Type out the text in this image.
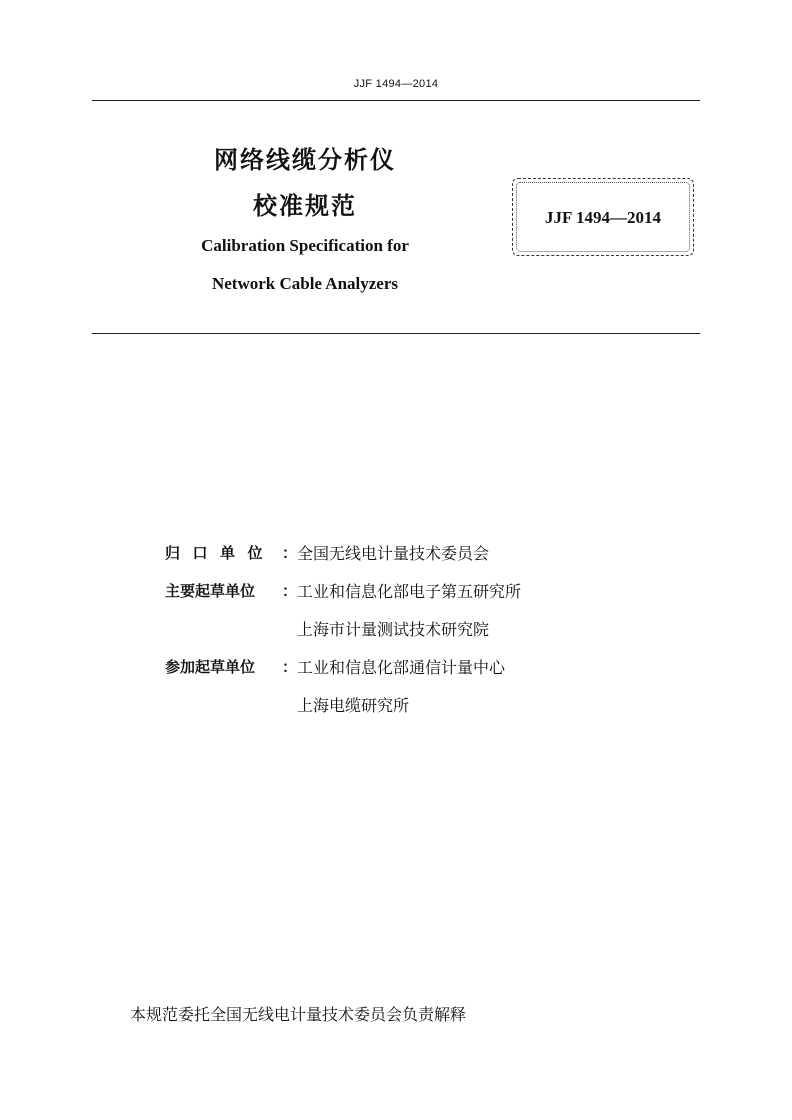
JJF 1494—2014
网络线缆分析仪
校准规范
Calibration Specification for
Network Cable Analyzers
JJF 1494—2014
归口单位 ： 全国无线电计量技术委员会
主要起草单位	： 工业和信息化部电子第五研究所
上海市计量测试技术研究院
参加起草单位	： 工业和信息化部通信计量中心
上海电缆研究所
本规范委托全国无线电计量技术委员会负责解释
